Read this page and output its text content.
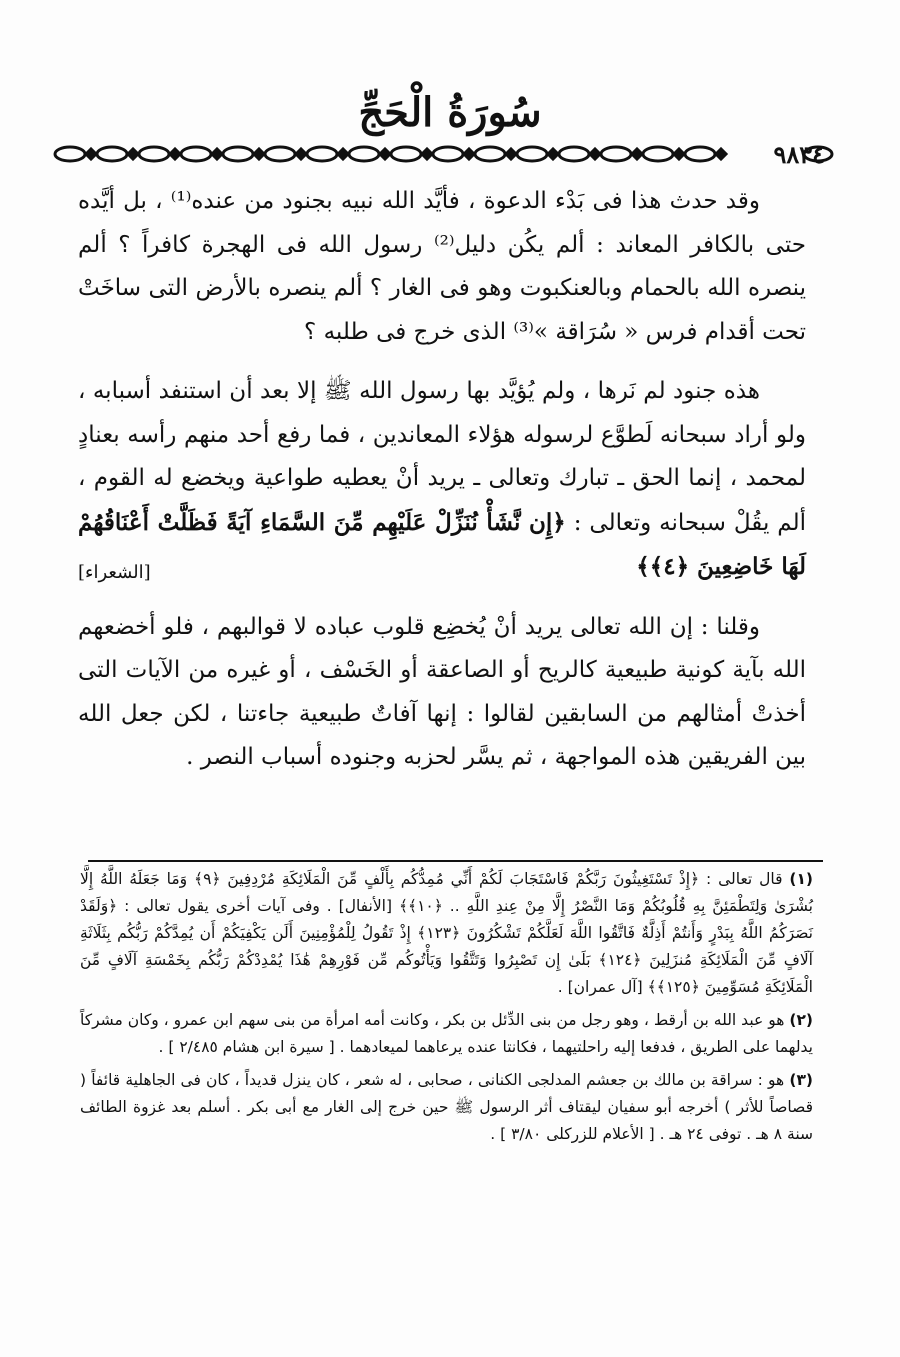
سُورَةُ الْحَجِّ
٩٨٣٤

وقد حدث هذا فى بَدْء الدعوة ، فأيَّد الله نبيه بجنود من عنده⁽¹⁾ ، بل أيَّده حتى بالكافر المعاند : ألم يكُن دليل⁽²⁾ رسول الله فى الهجرة كافراً ؟ ألم ينصره الله بالحمام وبالعنكبوت وهو فى الغار ؟ ألم ينصره بالأرض التى ساخَتْ تحت أقدام فرس « سُرَاقة »⁽³⁾ الذى خرج فى طلبه ؟

هذه جنود لم نَرها ، ولم يُؤيَّد بها رسول الله ﷺ إلا بعد أن استنفد أسبابه ، ولو أراد سبحانه لَطوَّع لرسوله هؤلاء المعاندين ، فما رفع أحد منهم رأسه بعنادٍ لمحمد ، إنما الحق ـ تبارك وتعالى ـ يريد أنْ يعطيه طواعية ويخضع له القوم ، ألم يقُلْ سبحانه وتعالى : ﴿إِن نَّشَأْ نُنَزِّلْ عَلَيْهِم مِّنَ السَّمَاءِ آيَةً فَظَلَّتْ أَعْنَاقُهُمْ لَهَا خَاضِعِينَ ﴿٤﴾﴾
[الشعراء]

وقلنا : إن الله تعالى يريد أنْ يُخضِع قلوب عباده لا قوالبهم ، فلو أخضعهم الله بآية كونية طبيعية كالريح أو الصاعقة أو الخَسْف ، أو غيره من الآيات التى أخذتْ أمثالهم من السابقين لقالوا : إنها آفاتٌ طبيعية جاءتنا ، لكن جعل الله بين الفريقين هذه المواجهة ، ثم يسَّر لحزبه وجنوده أسباب النصر .

(١) قال تعالى : ﴿إِذْ تَسْتَغِيثُونَ رَبَّكُمْ فَاسْتَجَابَ لَكُمْ أَنِّي مُمِدُّكُم بِأَلْفٍ مِّنَ الْمَلَائِكَةِ مُرْدِفِينَ ﴿٩﴾ وَمَا جَعَلَهُ اللَّهُ إِلَّا بُشْرَىٰ وَلِتَطْمَئِنَّ بِهِ قُلُوبُكُمْ وَمَا النَّصْرُ إِلَّا مِنْ عِندِ اللَّهِ .. ﴿١٠﴾﴾ [الأنفال] . وفى آيات أخرى يقول تعالى : ﴿وَلَقَدْ نَصَرَكُمُ اللَّهُ بِبَدْرٍ وَأَنتُمْ أَذِلَّةٌ فَاتَّقُوا اللَّهَ لَعَلَّكُمْ تَشْكُرُونَ ﴿١٢٣﴾ إِذْ تَقُولُ لِلْمُؤْمِنِينَ أَلَن يَكْفِيَكُمْ أَن يُمِدَّكُمْ رَبُّكُم بِثَلَاثَةِ آلَافٍ مِّنَ الْمَلَائِكَةِ مُنزَلِينَ ﴿١٢٤﴾ بَلَىٰ إِن تَصْبِرُوا وَتَتَّقُوا وَيَأْتُوكُم مِّن فَوْرِهِمْ هَٰذَا يُمْدِدْكُمْ رَبُّكُم بِخَمْسَةِ آلَافٍ مِّنَ الْمَلَائِكَةِ مُسَوِّمِينَ ﴿١٢٥﴾﴾ [آل عمران] .

(٢) هو عبد الله بن أرقط ، وهو رجل من بنى الدِّئل بن بكر ، وكانت أمه امرأة من بنى سهم ابن عمرو ، وكان مشركاً يدلهما على الطريق ، فدفعا إليه راحلتيهما ، فكانتا عنده يرعاهما لميعادهما . [ سيرة ابن هشام ٢/٤٨٥ ] .

(٣) هو : سراقة بن مالك بن جعشم المدلجى الكنانى ، صحابى ، له شعر ، كان ينزل قديداً ، كان فى الجاهلية قائفاً ( قصاصاً للأثر ) أخرجه أبو سفيان ليقتاف أثر الرسول ﷺ حين خرج إلى الغار مع أبى بكر . أسلم بعد غزوة الطائف سنة ٨ هـ . توفى ٢٤ هـ . [ الأعلام للزركلى ٣/٨٠ ] .
